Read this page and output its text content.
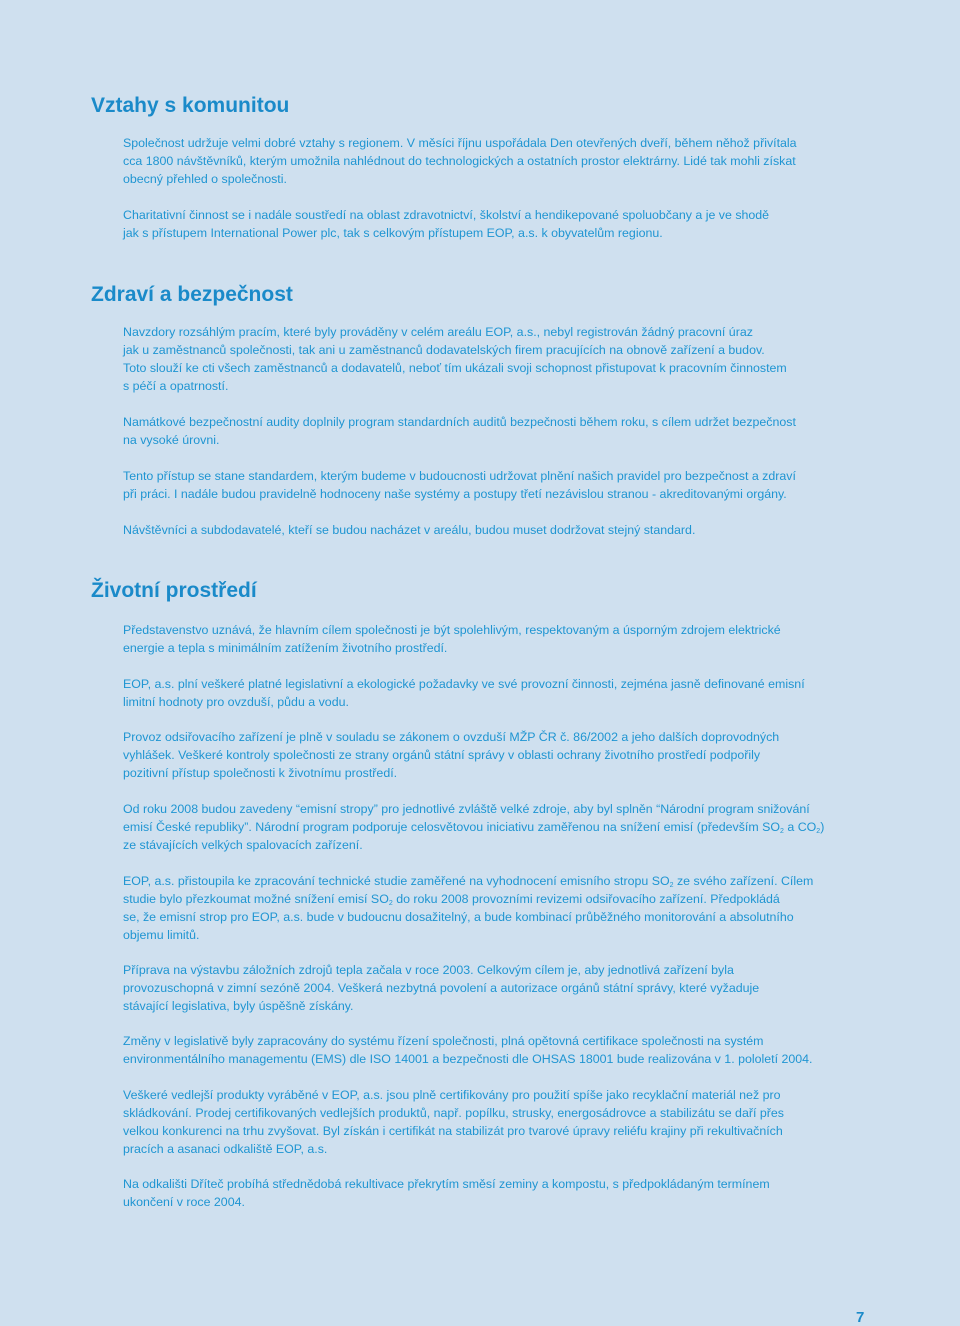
Vztahy s komunitou

Společnost udržuje velmi dobré vztahy s regionem. V měsíci říjnu uspořádala Den otevřených dveří, během něhož přivítala
cca 1800 návštěvníků, kterým umožnila nahlédnout do technologických a ostatních prostor elektrárny. Lidé tak mohli získat
obecný přehled o společnosti.

Charitativní činnost se i nadále soustředí na oblast zdravotnictví, školství a hendikepované spoluobčany a je ve shodě
jak s přístupem International Power plc, tak s celkovým přístupem EOP, a.s. k obyvatelům regionu.

Zdraví a bezpečnost

Navzdory rozsáhlým pracím, které byly prováděny v celém areálu EOP, a.s., nebyl registrován žádný pracovní úraz
jak u zaměstnanců společnosti, tak ani u zaměstnanců dodavatelských firem pracujících na obnově zařízení a budov.
Toto slouží ke cti všech zaměstnanců a dodavatelů, neboť tím ukázali svoji schopnost přistupovat k pracovním činnostem
s péčí a opatrností.

Namátkové bezpečnostní audity doplnily program standardních auditů bezpečnosti během roku, s cílem udržet bezpečnost
na vysoké úrovni.

Tento přístup se stane standardem, kterým budeme v budoucnosti udržovat plnění našich pravidel pro bezpečnost a zdraví
při práci. I nadále budou pravidelně hodnoceny naše systémy a postupy třetí nezávislou stranou - akreditovanými orgány.

Návštěvníci a subdodavatelé, kteří se budou nacházet v areálu, budou muset dodržovat stejný standard.

Životní prostředí

Představenstvo uznává, že hlavním cílem společnosti je být spolehlivým, respektovaným a úsporným zdrojem elektrické
energie a tepla s minimálním zatížením životního prostředí.

EOP, a.s. plní veškeré platné legislativní a ekologické požadavky ve své provozní činnosti, zejména jasně definované emisní
limitní hodnoty pro ovzduší, půdu a vodu.

Provoz odsiřovacího zařízení je plně v souladu se zákonem o ovzduší MŽP ČR č. 86/2002 a jeho dalších doprovodných
vyhlášek. Veškeré kontroly společnosti ze strany orgánů státní správy v oblasti ochrany životního prostředí podpořily
pozitivní přístup společnosti k životnímu prostředí.

Od roku 2008 budou zavedeny “emisní stropy” pro jednotlivé zvláště velké zdroje, aby byl splněn “Národní program snižování
emisí České republiky”. Národní program podporuje celosvětovou iniciativu zaměřenou na snížení emisí (především $SO_2$ a $CO_2$)
ze stávajících velkých spalovacích zařízení.

EOP, a.s. přistoupila ke zpracování technické studie zaměřené na vyhodnocení emisního stropu $SO_2$ ze svého zařízení. Cílem
studie bylo přezkoumat možné snížení emisí $SO_2$ do roku 2008 provozními revizemi odsiřovacího zařízení. Předpokládá
se, že emisní strop pro EOP, a.s. bude v budoucnu dosažitelný, a bude kombinací průběžného monitorování a absolutního
objemu limitů.

Příprava na výstavbu záložních zdrojů tepla začala v roce 2003. Celkovým cílem je, aby jednotlivá zařízení byla
provozuschopná v zimní sezóně 2004. Veškerá nezbytná povolení a autorizace orgánů státní správy, které vyžaduje
stávající legislativa, byly úspěšně získány.

Změny v legislativě byly zapracovány do systému řízení společnosti, plná opětovná certifikace společnosti na systém
environmentálního managementu (EMS) dle ISO 14001 a bezpečnosti dle OHSAS 18001 bude realizována v 1. pololetí 2004.

Veškeré vedlejší produkty vyráběné v EOP, a.s. jsou plně certifikovány pro použití spíše jako recyklační materiál než pro
skládkování. Prodej certifikovaných vedlejších produktů, např. popílku, strusky, energosádrovce a stabilizátu se daří přes
velkou konkurenci na trhu zvyšovat. Byl získán i certifikát na stabilizát pro tvarové úpravy reliéfu krajiny při rekultivačních
pracích a asanaci odkaliště EOP, a.s.

Na odkališti Dříteč probíhá střednědobá rekultivace překrytím směsí zeminy a kompostu, s předpokládaným termínem
ukončení v roce 2004.

7
